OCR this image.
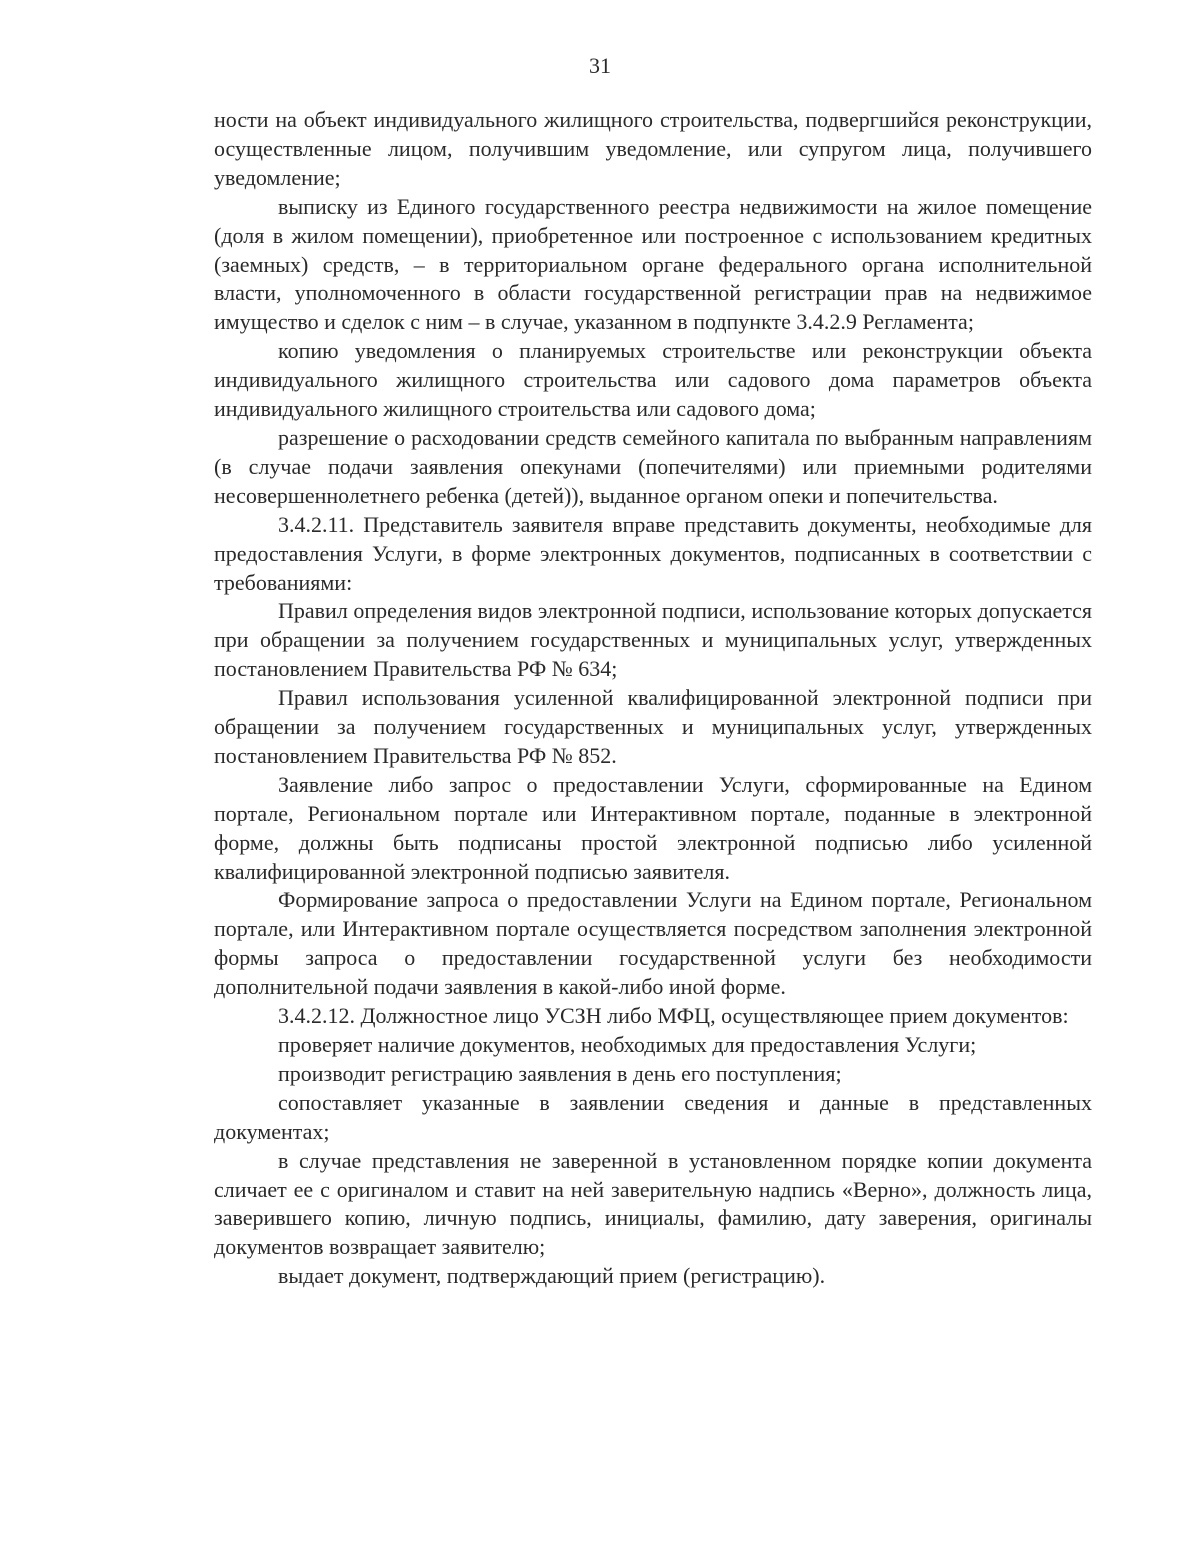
31

ности на объект индивидуального жилищного строительства, подвергшийся реконструкции, осуществленные лицом, получившим уведомление, или супругом лица, получившего уведомление;

выписку из Единого государственного реестра недвижимости на жилое помещение (доля в жилом помещении), приобретенное или построенное с использованием кредитных (заемных) средств, – в территориальном органе федерального органа исполнительной власти, уполномоченного в области государственной регистрации прав на недвижимое имущество и сделок с ним – в случае, указанном в подпункте 3.4.2.9 Регламента;

копию уведомления о планируемых строительстве или реконструкции объекта индивидуального жилищного строительства или садового дома параметров объекта индивидуального жилищного строительства или садового дома;

разрешение о расходовании средств семейного капитала по выбранным направлениям (в случае подачи заявления опекунами (попечителями) или приемными родителями несовершеннолетнего ребенка (детей)), выданное органом опеки и попечительства.

3.4.2.11. Представитель заявителя вправе представить документы, необходимые для предоставления Услуги, в форме электронных документов, подписанных в соответствии с требованиями:

Правил определения видов электронной подписи, использование которых допускается при обращении за получением государственных и муниципальных услуг, утвержденных постановлением Правительства РФ № 634;

Правил использования усиленной квалифицированной электронной подписи при обращении за получением государственных и муниципальных услуг, утвержденных постановлением Правительства РФ № 852.

Заявление либо запрос о предоставлении Услуги, сформированные на Едином портале, Региональном портале или Интерактивном портале, поданные в электронной форме, должны быть подписаны простой электронной подписью либо усиленной квалифицированной электронной подписью заявителя.

Формирование запроса о предоставлении Услуги на Едином портале, Региональном портале, или Интерактивном портале осуществляется посредством заполнения электронной формы запроса о предоставлении государственной услуги без необходимости дополнительной подачи заявления в какой-либо иной форме.

3.4.2.12. Должностное лицо УСЗН либо МФЦ, осуществляющее прием документов:

проверяет наличие документов, необходимых для предоставления Услуги;

производит регистрацию заявления в день его поступления;

сопоставляет указанные в заявлении сведения и данные в представленных документах;

в случае представления не заверенной в установленном порядке копии документа сличает ее с оригиналом и ставит на ней заверительную надпись «Верно», должность лица, заверившего копию, личную подпись, инициалы, фамилию, дату заверения, оригиналы документов возвращает заявителю;

выдает документ, подтверждающий прием (регистрацию).
